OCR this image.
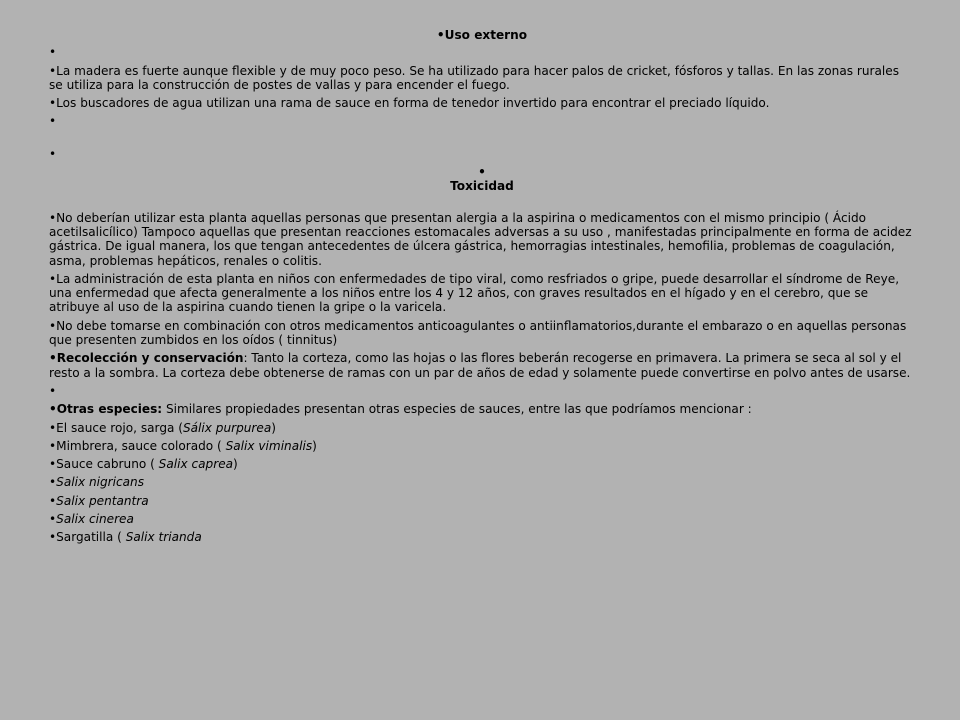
•Uso externo
•
•La madera es fuerte aunque flexible y de muy poco peso. Se ha utilizado para hacer palos de cricket, fósforos y tallas. En las zonas rurales se utiliza para la construcción de postes de vallas y para encender el fuego.
•Los buscadores de agua utilizan una rama de sauce en forma de tenedor invertido para encontrar el preciado líquido.
•
•
•
Toxicidad
•No deberían utilizar esta planta aquellas personas que presentan alergia a la aspirina o medicamentos con el mismo principio ( Ácido acetilsalicílico) Tampoco aquellas que presentan reacciones estomacales adversas a su uso , manifestadas principalmente en forma de acidez gástrica. De igual manera, los que tengan antecedentes de úlcera gástrica, hemorragias intestinales, hemofilia, problemas de coagulación, asma, problemas hepáticos, renales o colitis.
•La administración de esta planta en niños con enfermedades de tipo viral, como resfriados o gripe, puede desarrollar el síndrome de Reye, una enfermedad que afecta generalmente a los niños entre los 4 y 12 años, con graves resultados en el hígado y en el cerebro, que se atribuye al uso de la aspirina cuando tienen la gripe o la varicela.
•No debe tomarse en combinación con otros medicamentos anticoagulantes o antiinflamatorios,durante el embarazo o en aquellas personas que presenten zumbidos en los oídos ( tinnitus)
•Recolección y conservación: Tanto la corteza, como las hojas o las flores beberán recogerse en primavera. La primera se seca al sol y el resto a la sombra. La corteza debe obtenerse de ramas con un par de años de edad y solamente puede convertirse en polvo antes de usarse.
•
•Otras especies: Similares propiedades presentan otras especies de sauces, entre las que podríamos mencionar :
•El sauce rojo, sarga (Sálix purpurea)
•Mimbrera, sauce colorado ( Salix viminalis)
•Sauce cabruno ( Salix caprea)
•Salix nigricans
•Salix pentantra
•Salix cinerea
•Sargatilla ( Salix trianda
